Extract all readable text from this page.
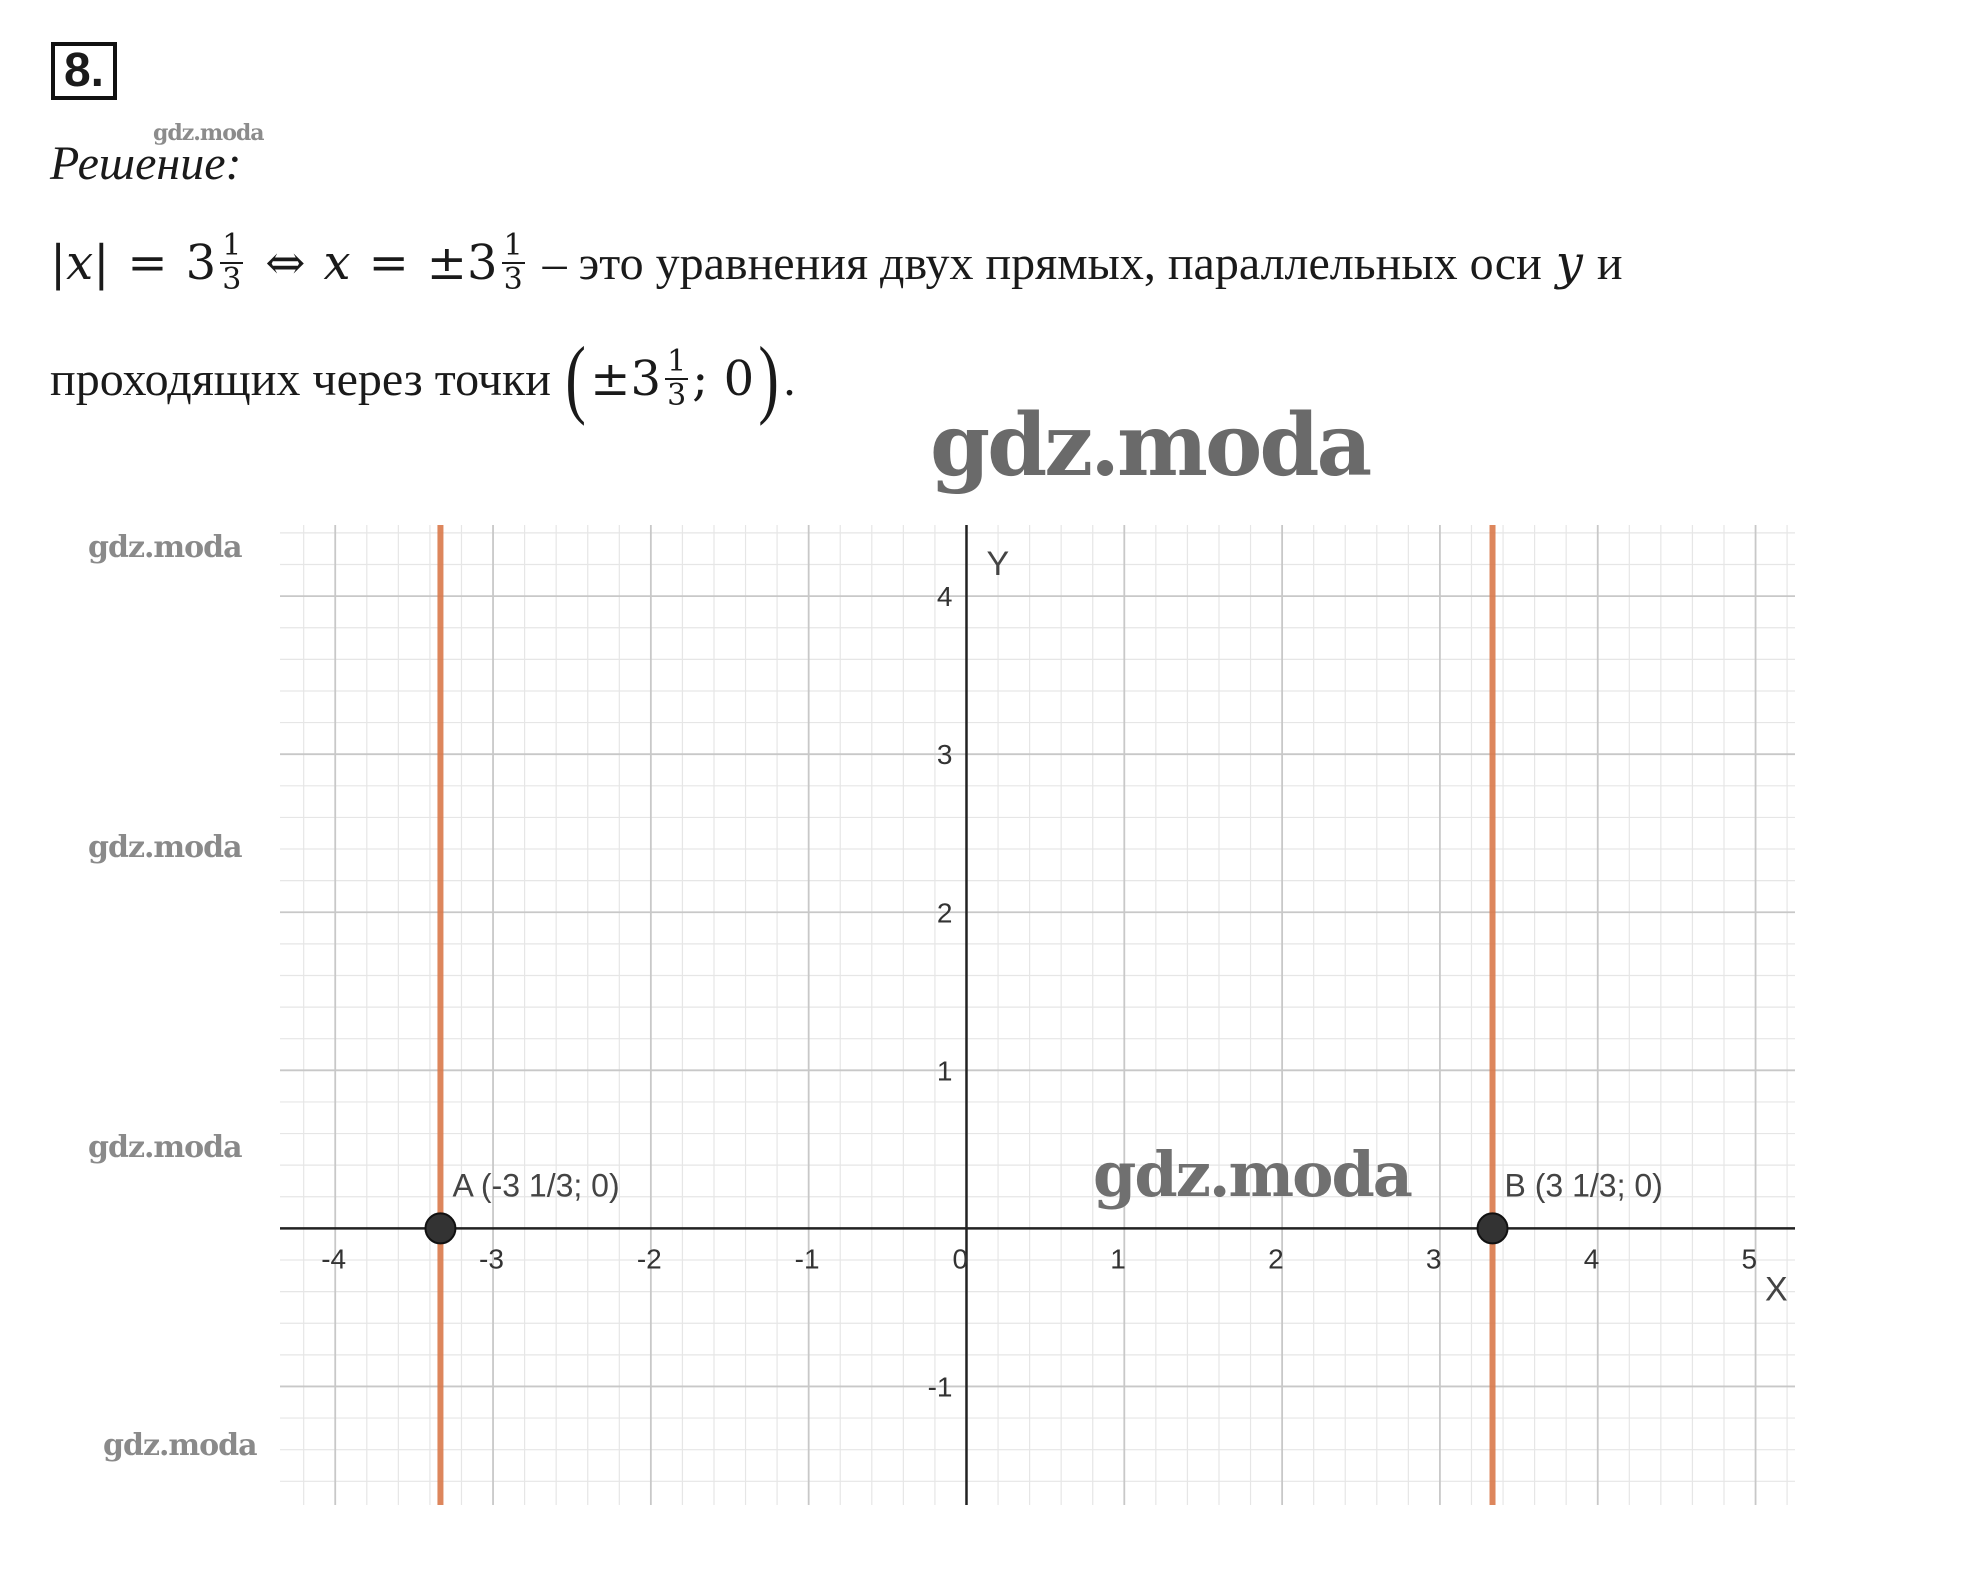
8.
gdz.moda
Решение:
$|x| = 3 \frac{1}{3}$ ⇔ $x = \pm 3 \frac{1}{3}$ – это уравнения двух прямых, параллельных оси y и
проходящих через точки ( $\pm 3 \frac{1}{3}$ ; 0 ) .
gdz.moda
X
Y
-4	-3	-2	-1	0	1	2	3	4	5
-1
1
2
3
4
A (-3 1/3; 0)	B (3 1/3; 0)
gdz.moda
gdz.moda
gdz.moda
gdz.moda
gdz.moda
